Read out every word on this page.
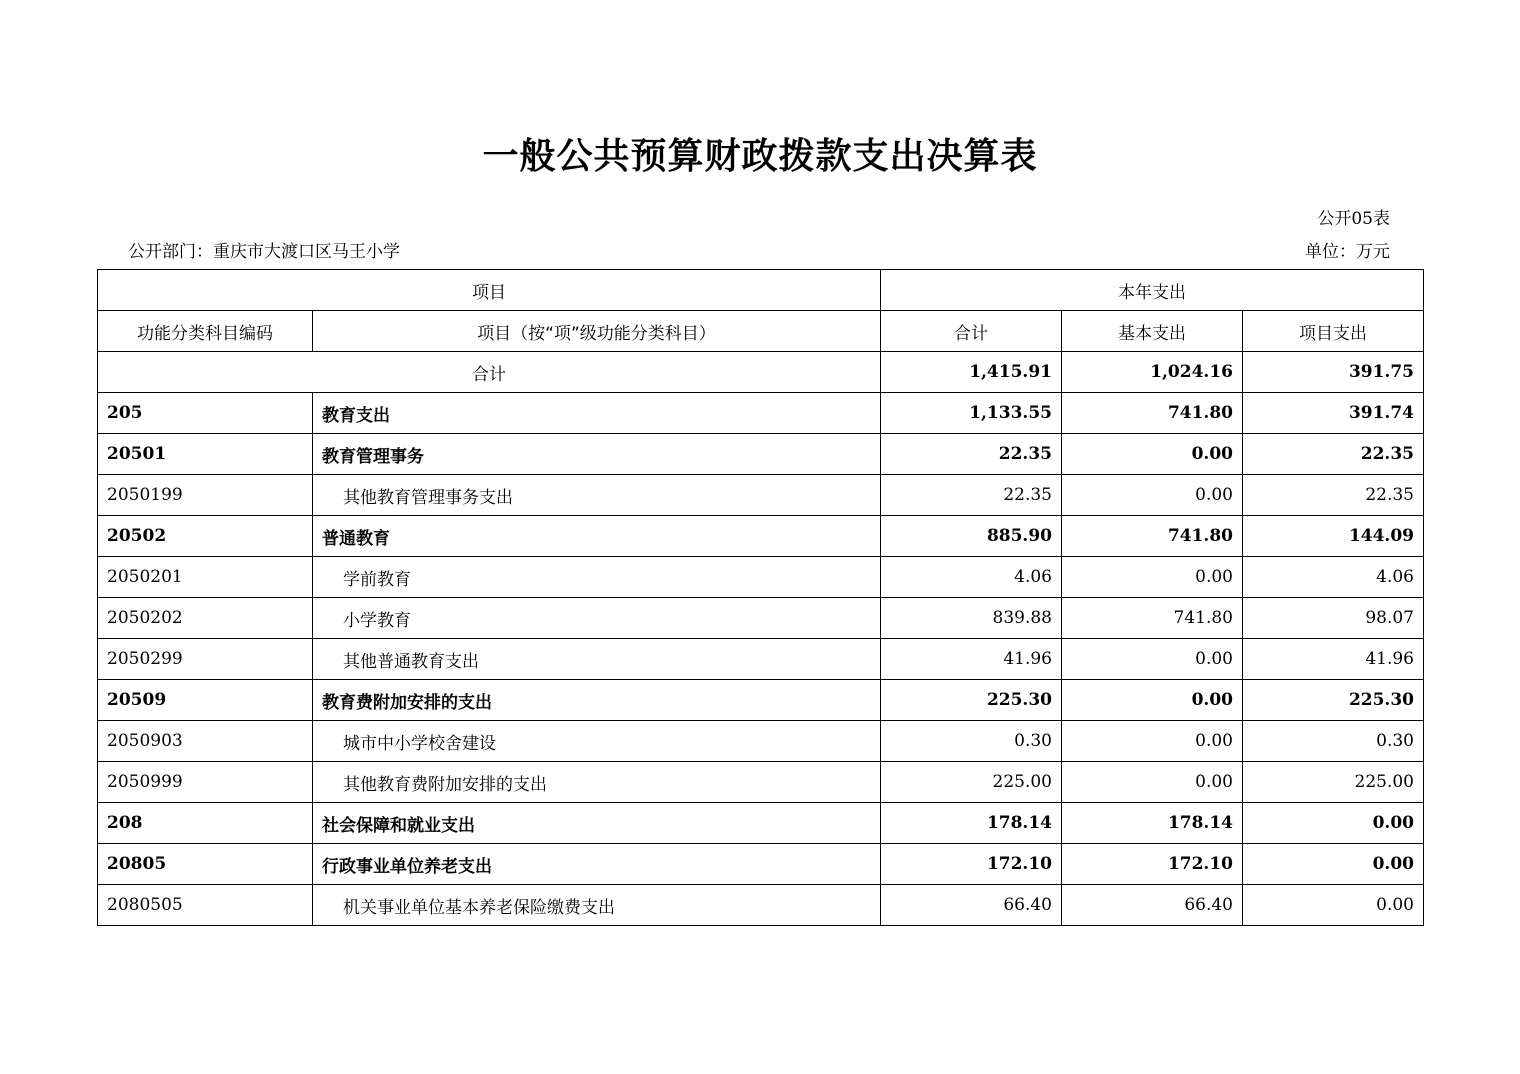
一般公共预算财政拨款支出决算表
公开05表
公开部门：重庆市大渡口区马王小学	单位：万元
项目		本年支出		
功能分类科目编码	项目（按“项”级功能分类科目）	合计	基本支出	项目支出
合计		1,415.91	1,024.16	391.75
205	教育支出	1,133.55	741.80	391.74
20501	教育管理事务	22.35	0.00	22.35
2050199	其他教育管理事务支出	22.35	0.00	22.35
20502	普通教育	885.90	741.80	144.09
2050201	学前教育	4.06	0.00	4.06
2050202	小学教育	839.88	741.80	98.07
2050299	其他普通教育支出	41.96	0.00	41.96
20509	教育费附加安排的支出	225.30	0.00	225.30
2050903	城市中小学校舍建设	0.30	0.00	0.30
2050999	其他教育费附加安排的支出	225.00	0.00	225.00
208	社会保障和就业支出	178.14	178.14	0.00
20805	行政事业单位养老支出	172.10	172.10	0.00
2080505	机关事业单位基本养老保险缴费支出	66.40	66.40	0.00
